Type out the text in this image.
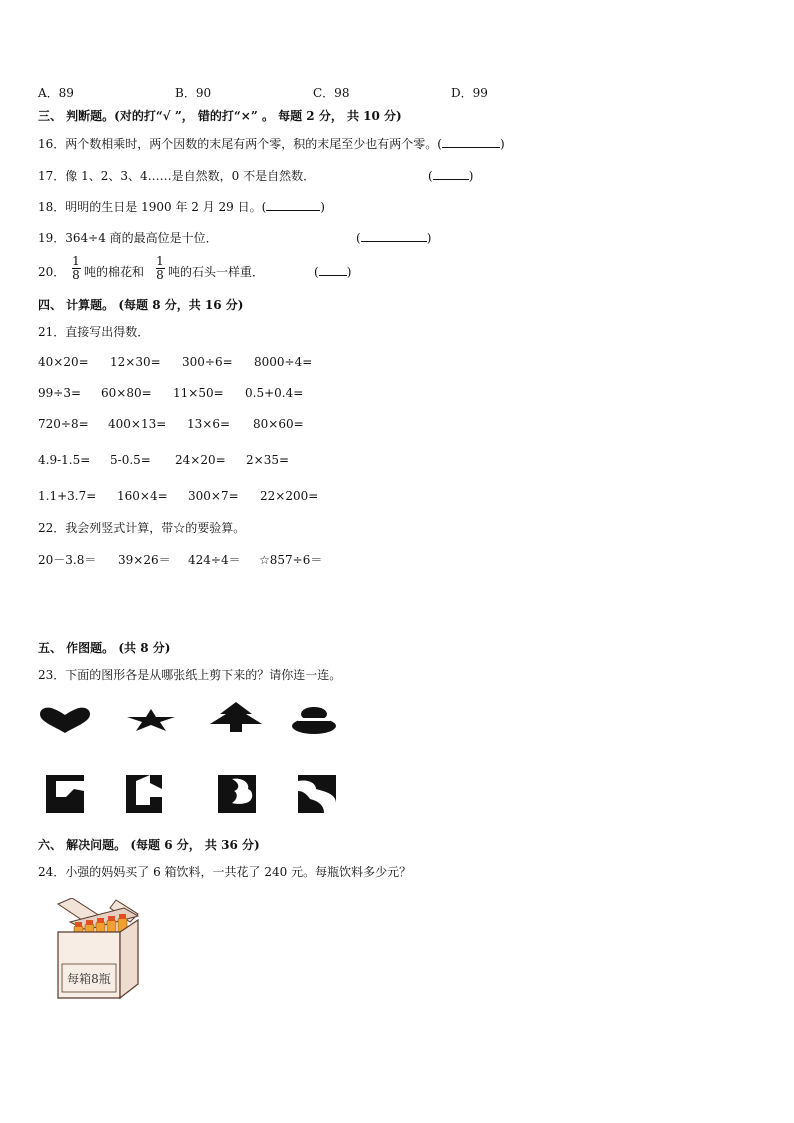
A．89	B．90	C．98	D．99
三、 判断题。(对的打“√ ”， 错的打“×” 。 每题 2 分， 共 10 分)
16．两个数相乘时，两个因数的末尾有两个零，积的末尾至少也有两个零。(	)
17．像 1、2、3、4……是自然数，0 不是自然数．	(	)
18．明明的生日是 1900 年 2 月 29 日。(	)
19．364÷4 商的最高位是十位．	(	)
20．
1
8 吨的棉花和
1
8 吨的石头一样重．	( )
四、 计算题。 (每题 8 分，共 16 分)
21．直接写出得数．
40×20= 12×30= 300÷6= 8000÷4=
99÷3= 60×80= 11×50= 0.5+0.4=
720÷8= 400×13= 13×6= 80×60=
4.9-1.5= 5-0.5= 24×20= 2×35=
1.1+3.7= 160×4= 300×7= 22×200=
22．我会列竖式计算，带☆的要验算。
20－3.8＝ 39×26＝ 424÷4＝ ☆857÷6＝
五、 作图题。 (共 8 分)
23．下面的图形各是从哪张纸上剪下来的？请你连一连。
六、 解决问题。 (每题 6 分， 共 36 分)
24．小强的妈妈买了 6 箱饮料，一共花了 240 元。每瓶饮料多少元？
每箱8瓶
